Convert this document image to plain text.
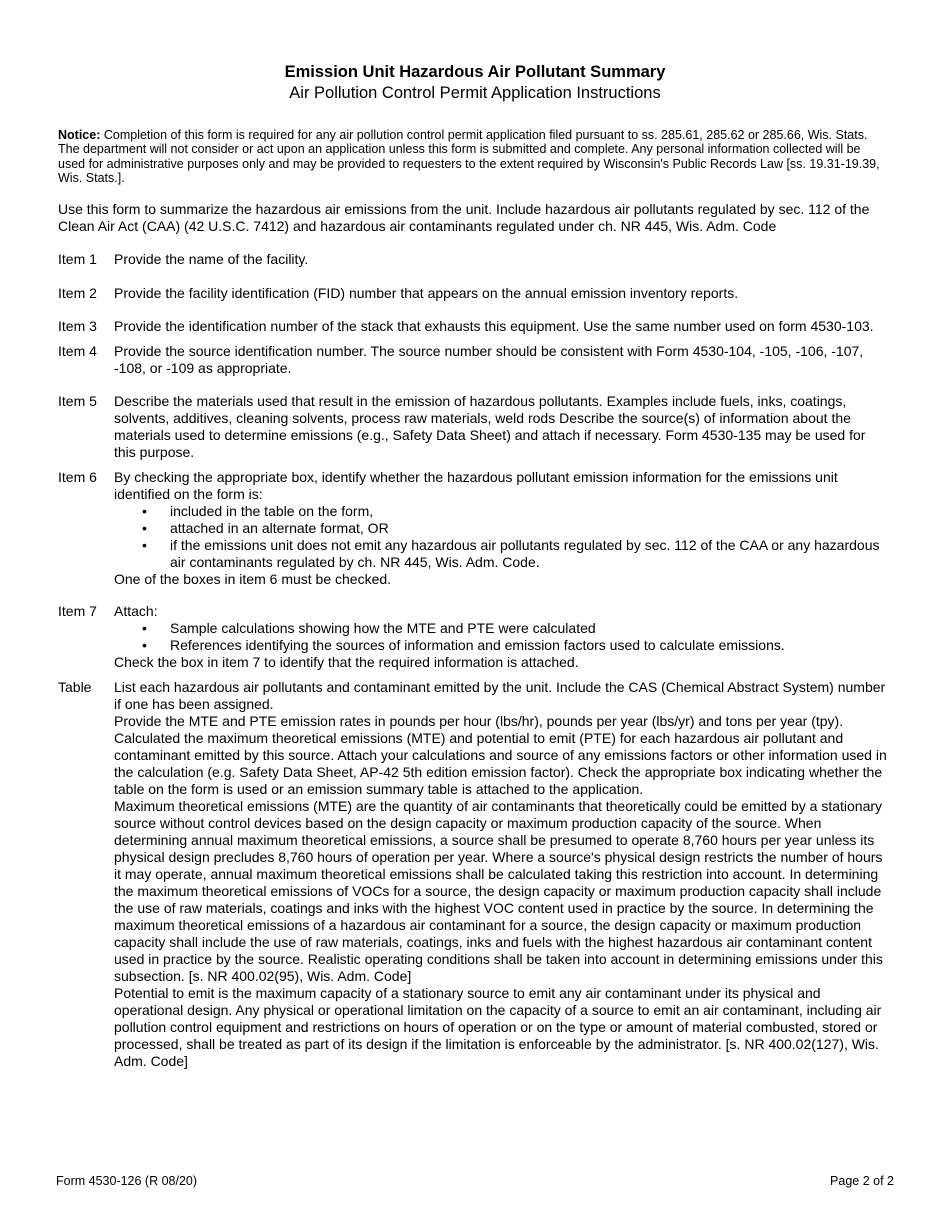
Emission Unit Hazardous Air Pollutant Summary
Air Pollution Control Permit Application Instructions
Notice: Completion of this form is required for any air pollution control permit application filed pursuant to ss. 285.61, 285.62 or 285.66, Wis. Stats. The department will not consider or act upon an application unless this form is submitted and complete. Any personal information collected will be used for administrative purposes only and may be provided to requesters to the extent required by Wisconsin's Public Records Law [ss. 19.31-19.39, Wis. Stats.].
Use this form to summarize the hazardous air emissions from the unit. Include hazardous air pollutants regulated by sec. 112 of the Clean Air Act (CAA) (42 U.S.C. 7412) and hazardous air contaminants regulated under ch. NR 445, Wis. Adm. Code
Item 1	Provide the name of the facility.

Item 2	Provide the facility identification (FID) number that appears on the annual emission inventory reports.

Item 3	Provide the identification number of the stack that exhausts this equipment. Use the same number used on form 4530-103.

Item 4	Provide the source identification number. The source number should be consistent with Form 4530-104, -105, -106, -107, -108, or -109 as appropriate.

Item 5	Describe the materials used that result in the emission of hazardous pollutants. Examples include fuels, inks, coatings, solvents, additives, cleaning solvents, process raw materials, weld rods Describe the source(s) of information about the materials used to determine emissions (e.g., Safety Data Sheet) and attach if necessary. Form 4530-135 may be used for this purpose.

Item 6	By checking the appropriate box, identify whether the hazardous pollutant emission information for the emissions unit identified on the form is:

• included in the table on the form,
• attached in an alternate format, OR
• if the emissions unit does not emit any hazardous air pollutants regulated by sec. 112 of the CAA or any hazardous air contaminants regulated by ch. NR 445, Wis. Adm. Code.

One of the boxes in item 6 must be checked.

Item 7	Attach:

• Sample calculations showing how the MTE and PTE were calculated
• References identifying the sources of information and emission factors used to calculate emissions.

Check the box in item 7 to identify that the required information is attached.

Table	List each hazardous air pollutants and contaminant emitted by the unit. Include the CAS (Chemical Abstract System) number if one has been assigned.

Provide the MTE and PTE emission rates in pounds per hour (lbs/hr), pounds per year (lbs/yr) and tons per year (tpy). Calculated the maximum theoretical emissions (MTE) and potential to emit (PTE) for each hazardous air pollutant and contaminant emitted by this source. Attach your calculations and source of any emissions factors or other information used in the calculation (e.g. Safety Data Sheet, AP-42 5th edition emission factor). Check the appropriate box indicating whether the table on the form is used or an emission summary table is attached to the application.

Maximum theoretical emissions (MTE) are the quantity of air contaminants that theoretically could be emitted by a stationary source without control devices based on the design capacity or maximum production capacity of the source. When determining annual maximum theoretical emissions, a source shall be presumed to operate 8,760 hours per year unless its physical design precludes 8,760 hours of operation per year. Where a source's physical design restricts the number of hours it may operate, annual maximum theoretical emissions shall be calculated taking this restriction into account. In determining the maximum theoretical emissions of VOCs for a source, the design capacity or maximum production capacity shall include the use of raw materials, coatings and inks with the highest VOC content used in practice by the source. In determining the maximum theoretical emissions of a hazardous air contaminant for a source, the design capacity or maximum production capacity shall include the use of raw materials, coatings, inks and fuels with the highest hazardous air contaminant content used in practice by the source. Realistic operating conditions shall be taken into account in determining emissions under this subsection. [s. NR 400.02(95), Wis. Adm. Code]

Potential to emit is the maximum capacity of a stationary source to emit any air contaminant under its physical and operational design. Any physical or operational limitation on the capacity of a source to emit an air contaminant, including air pollution control equipment and restrictions on hours of operation or on the type or amount of material combusted, stored or processed, shall be treated as part of its design if the limitation is enforceable by the administrator. [s. NR 400.02(127), Wis. Adm. Code]

Form 4530-126 (R 08/20)	Page 2 of 2
